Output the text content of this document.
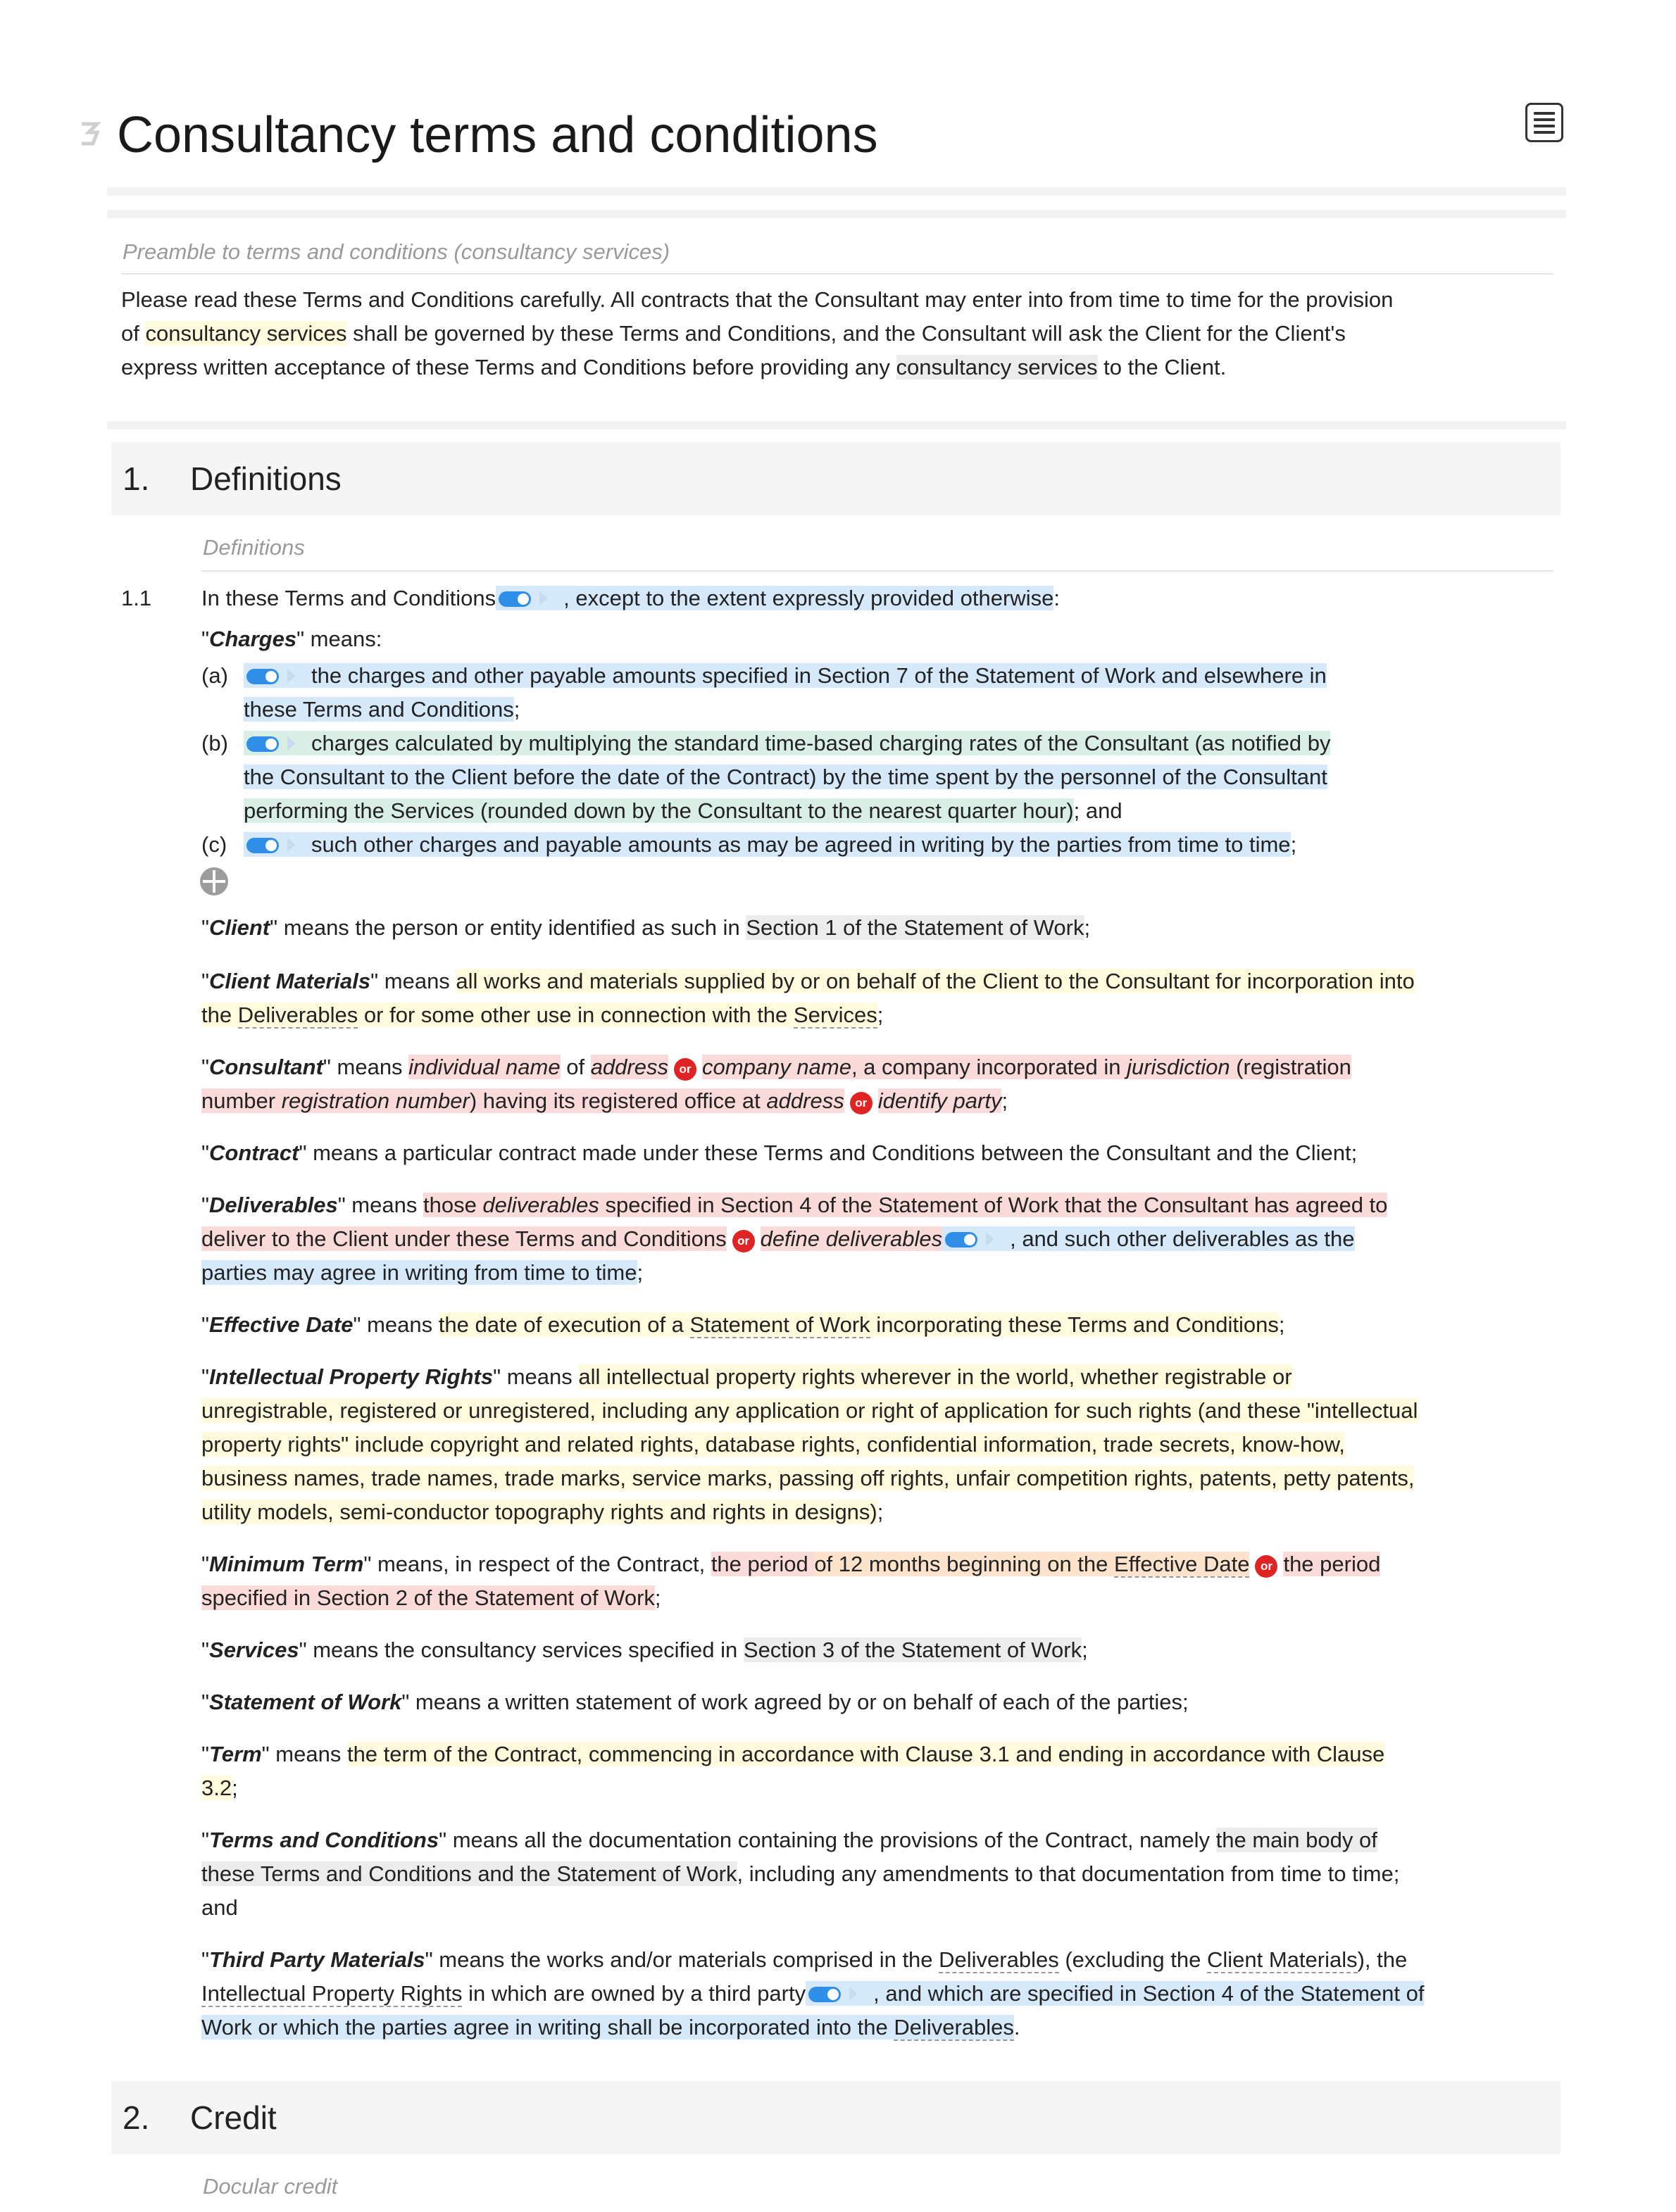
Consultancy terms and conditions
Preamble to terms and conditions (consultancy services)
Please read these Terms and Conditions carefully. All contracts that the Consultant may enter into from time to time for the provision
of consultancy services shall be governed by these Terms and Conditions, and the Consultant will ask the Client for the Client's
express written acceptance of these Terms and Conditions before providing any consultancy services to the Client.
1. Definitions
Definitions
1.1 In these Terms and Conditions	, except to the extent expressly provided otherwise:
"Charges" means:
(a)	the charges and other payable amounts specified in Section 7 of the Statement of Work and elsewhere in
these Terms and Conditions;
(b)	charges calculated by multiplying the standard time-based charging rates of the Consultant (as notified by
the Consultant to the Client before the date of the Contract) by the time spent by the personnel of the Consultant
performing the Services (rounded down by the Consultant to the nearest quarter hour); and
(c)	such other charges and payable amounts as may be agreed in writing by the parties from time to time;
"Client" means the person or entity identified as such in Section 1 of the Statement of Work;
"Client Materials" means all works and materials supplied by or on behalf of the Client to the Consultant for incorporation into
the Deliverables or for some other use in connection with the Services;
"Consultant" means individual name of address or company name, a company incorporated in jurisdiction (registration
number registration number) having its registered office at address or identify party;
"Contract" means a particular contract made under these Terms and Conditions between the Consultant and the Client;
"Deliverables" means those deliverables specified in Section 4 of the Statement of Work that the Consultant has agreed to
deliver to the Client under these Terms and Conditions or define deliverables	, and such other deliverables as the
parties may agree in writing from time to time;
"Effective Date" means the date of execution of a Statement of Work incorporating these Terms and Conditions;
"Intellectual Property Rights" means all intellectual property rights wherever in the world, whether registrable or
unregistrable, registered or unregistered, including any application or right of application for such rights (and these "intellectual
property rights" include copyright and related rights, database rights, confidential information, trade secrets, know-how,
business names, trade names, trade marks, service marks, passing off rights, unfair competition rights, patents, petty patents,
utility models, semi-conductor topography rights and rights in designs);
"Minimum Term" means, in respect of the Contract, the period of 12 months beginning on the Effective Date or the period
specified in Section 2 of the Statement of Work;
"Services" means the consultancy services specified in Section 3 of the Statement of Work;
"Statement of Work" means a written statement of work agreed by or on behalf of each of the parties;
"Term" means the term of the Contract, commencing in accordance with Clause 3.1 and ending in accordance with Clause
3.2;
"Terms and Conditions" means all the documentation containing the provisions of the Contract, namely the main body of
these Terms and Conditions and the Statement of Work, including any amendments to that documentation from time to time;
and
"Third Party Materials" means the works and/or materials comprised in the Deliverables (excluding the Client Materials), the
Intellectual Property Rights in which are owned by a third party	, and which are specified in Section 4 of the Statement of
Work or which the parties agree in writing shall be incorporated into the Deliverables.
2. Credit
Docular credit
